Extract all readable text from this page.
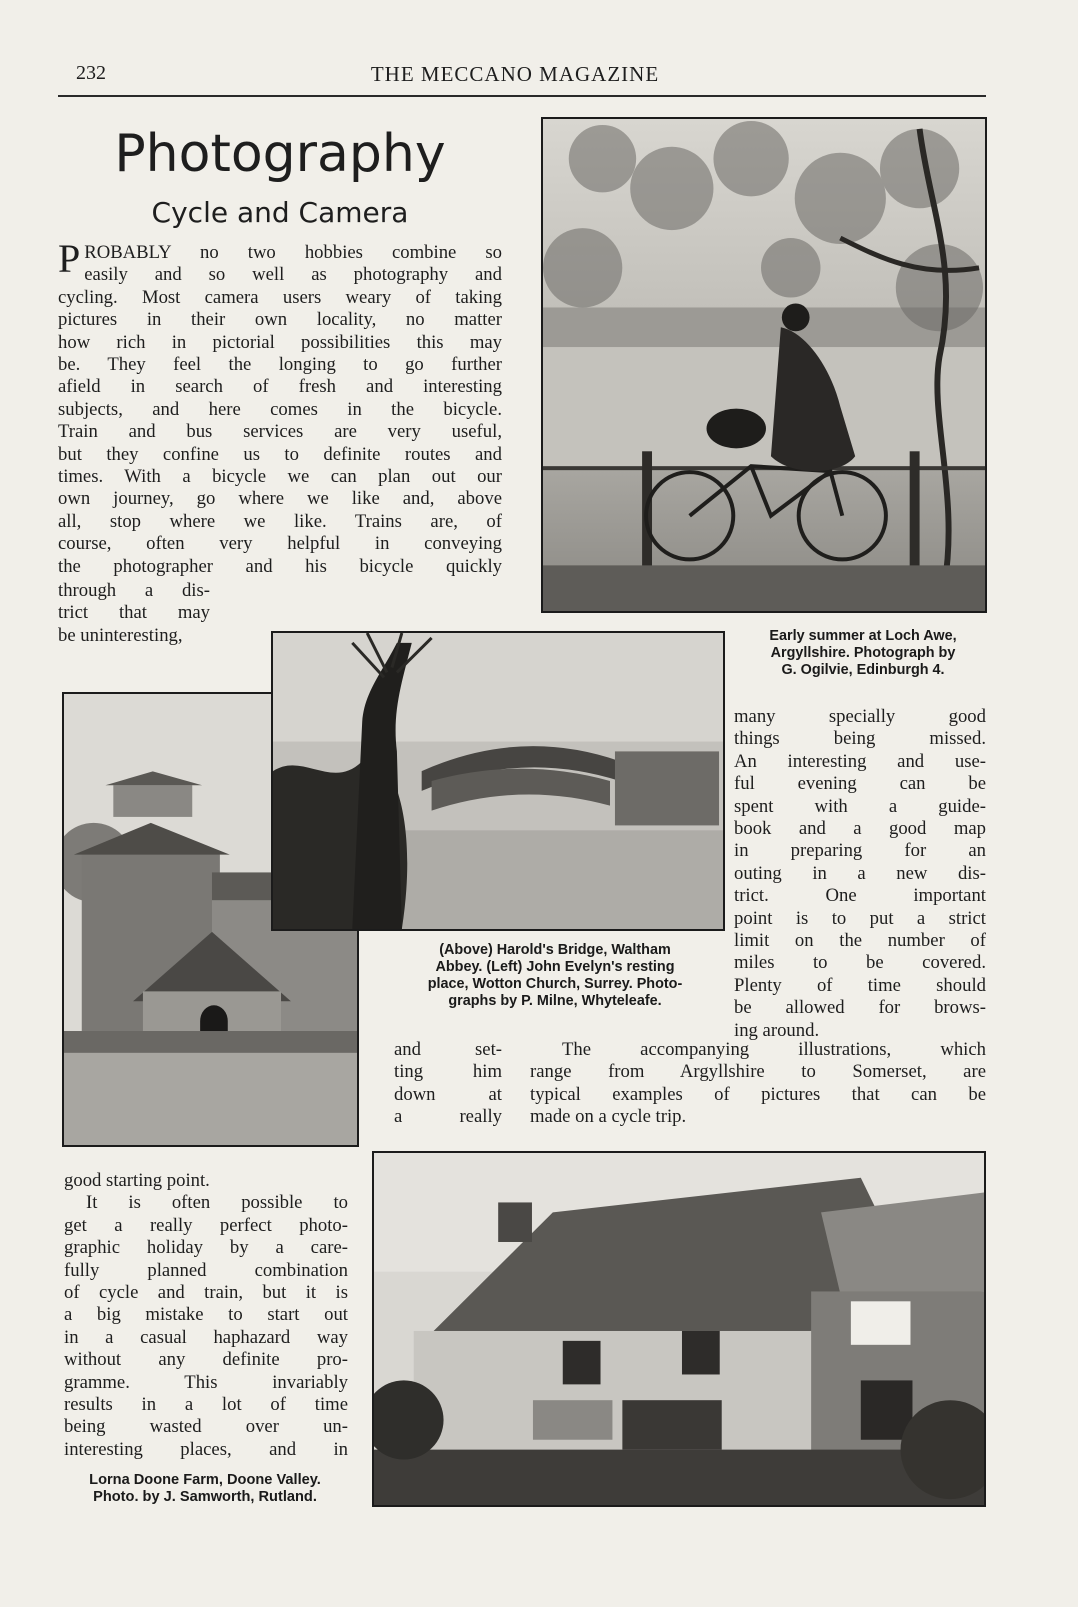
232	THE MECCANO MAGAZINE
Photography
Cycle and Camera
P ROBABLY no two hobbies combine so
easily and so well as photography and
cycling. Most camera users weary of taking
pictures in their own locality, no matter
how rich in pictorial possibilities this may
be. They feel the longing to go further
afield in search of fresh and interesting
subjects, and here comes in the bicycle.
Train and bus services are very useful,
but they confine us to definite routes and
times. With a bicycle we can plan out our
own journey, go where we like and, above
all, stop where we like. Trains are, of
course, often very helpful in conveying
the photographer and his bicycle quickly
through a dis-
trict that may
be uninteresting,	Early summer at Loch Awe,
Argyllshire. Photograph by
G. Ogilvie, Edinburgh 4.
(Above) Harold's Bridge, Waltham
Abbey. (Left) John Evelyn's resting
place, Wotton Church, Surrey. Photo-
graphs by P. Milne, Whyteleafe.
many specially good
things being missed.
An interesting and use-
ful evening can be
spent with a guide-
book and a good map
in preparing for an
outing in a new dis-
trict. One important
point is to put a strict
limit on the number of
miles to be covered.
Plenty of time should
be allowed for brows-
ing around.
and set-
ting him
down at
a really
The accompanying illustrations, which
range from Argyllshire to Somerset, are
typical examples of pictures that can be
made on a cycle trip.
good starting point.
It is often possible to
get a really perfect photo-
graphic holiday by a care-
fully planned combination
of cycle and train, but it is
a big mistake to start out
in a casual haphazard way
without any definite pro-
gramme. This invariably
results in a lot of time
being wasted over un-
interesting places, and in
Lorna Doone Farm, Doone Valley.
Photo. by J. Samworth, Rutland.
